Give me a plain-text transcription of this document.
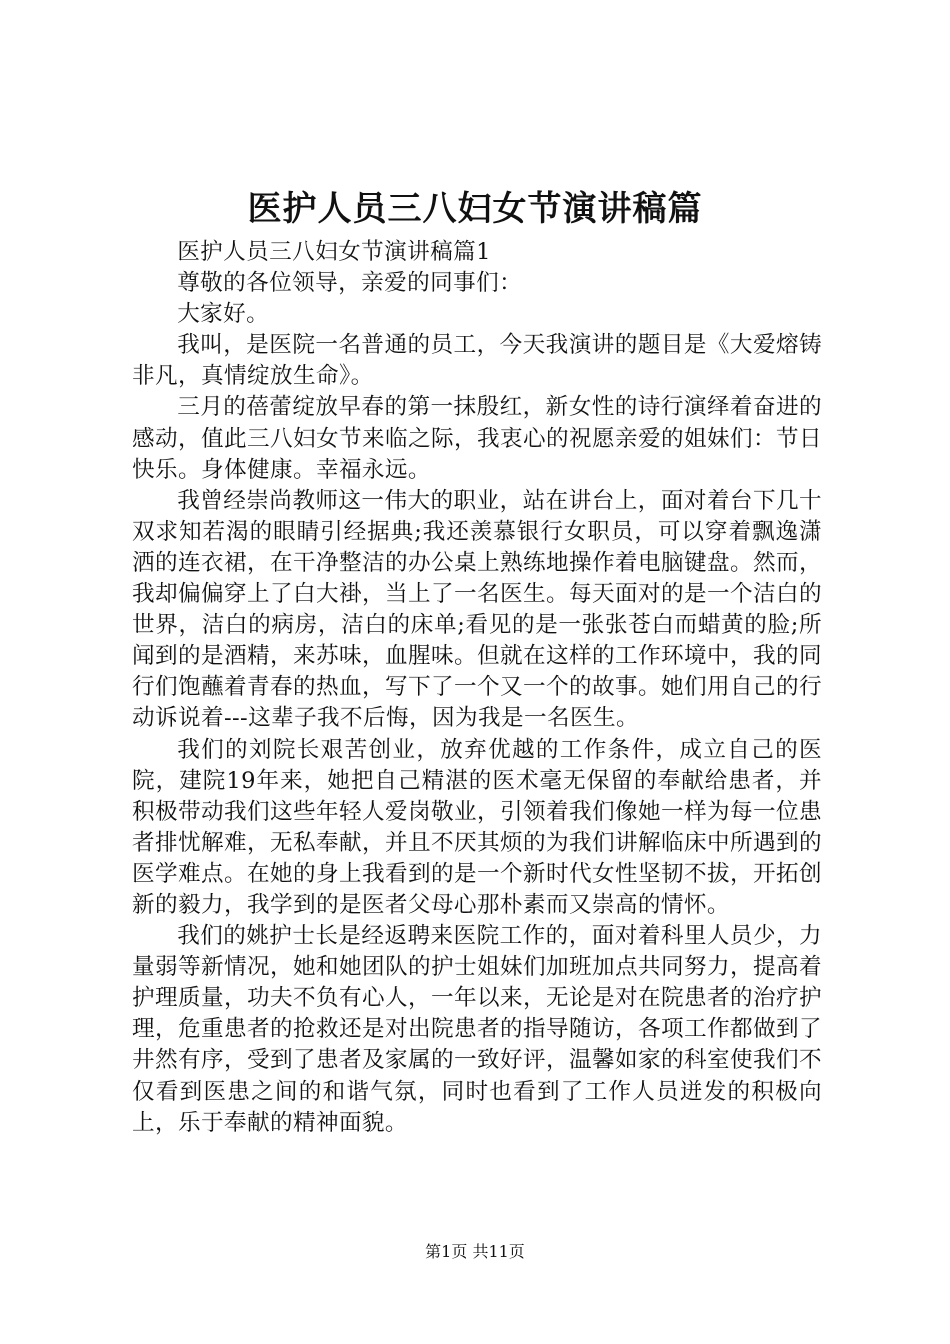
医护人员三八妇女节演讲稿篇

医护人员三八妇女节演讲稿篇1

尊敬的各位领导，亲爱的同事们：

大家好。

我叫，是医院一名普通的员工，今天我演讲的题目是《大爱熔铸非凡，真情绽放生命》。

三月的蓓蕾绽放早春的第一抹殷红，新女性的诗行演绎着奋进的感动，值此三八妇女节来临之际，我衷心的祝愿亲爱的姐妹们：节日快乐。身体健康。幸福永远。

我曾经崇尚教师这一伟大的职业，站在讲台上，面对着台下几十双求知若渴的眼睛引经据典;我还羡慕银行女职员，可以穿着飘逸潇洒的连衣裙，在干净整洁的办公桌上熟练地操作着电脑键盘。然而，我却偏偏穿上了白大褂，当上了一名医生。每天面对的是一个洁白的世界，洁白的病房，洁白的床单;看见的是一张张苍白而蜡黄的脸;所闻到的是酒精，来苏味，血腥味。但就在这样的工作环境中，我的同行们饱蘸着青春的热血，写下了一个又一个的故事。她们用自己的行动诉说着---这辈子我不后悔，因为我是一名医生。

我们的刘院长艰苦创业，放弃优越的工作条件，成立自己的医院，建院19年来，她把自己精湛的医术毫无保留的奉献给患者，并积极带动我们这些年轻人爱岗敬业，引领着我们像她一样为每一位患者排忧解难，无私奉献，并且不厌其烦的为我们讲解临床中所遇到的医学难点。在她的身上我看到的是一个新时代女性坚韧不拔，开拓创新的毅力，我学到的是医者父母心那朴素而又崇高的情怀。

我们的姚护士长是经返聘来医院工作的，面对着科里人员少，力量弱等新情况，她和她团队的护士姐妹们加班加点共同努力，提高着护理质量，功夫不负有心人，一年以来，无论是对在院患者的治疗护理，危重患者的抢救还是对出院患者的指导随访，各项工作都做到了井然有序，受到了患者及家属的一致好评，温馨如家的科室使我们不仅看到医患之间的和谐气氛，同时也看到了工作人员迸发的积极向上，乐于奉献的精神面貌。

第1页 共11页
